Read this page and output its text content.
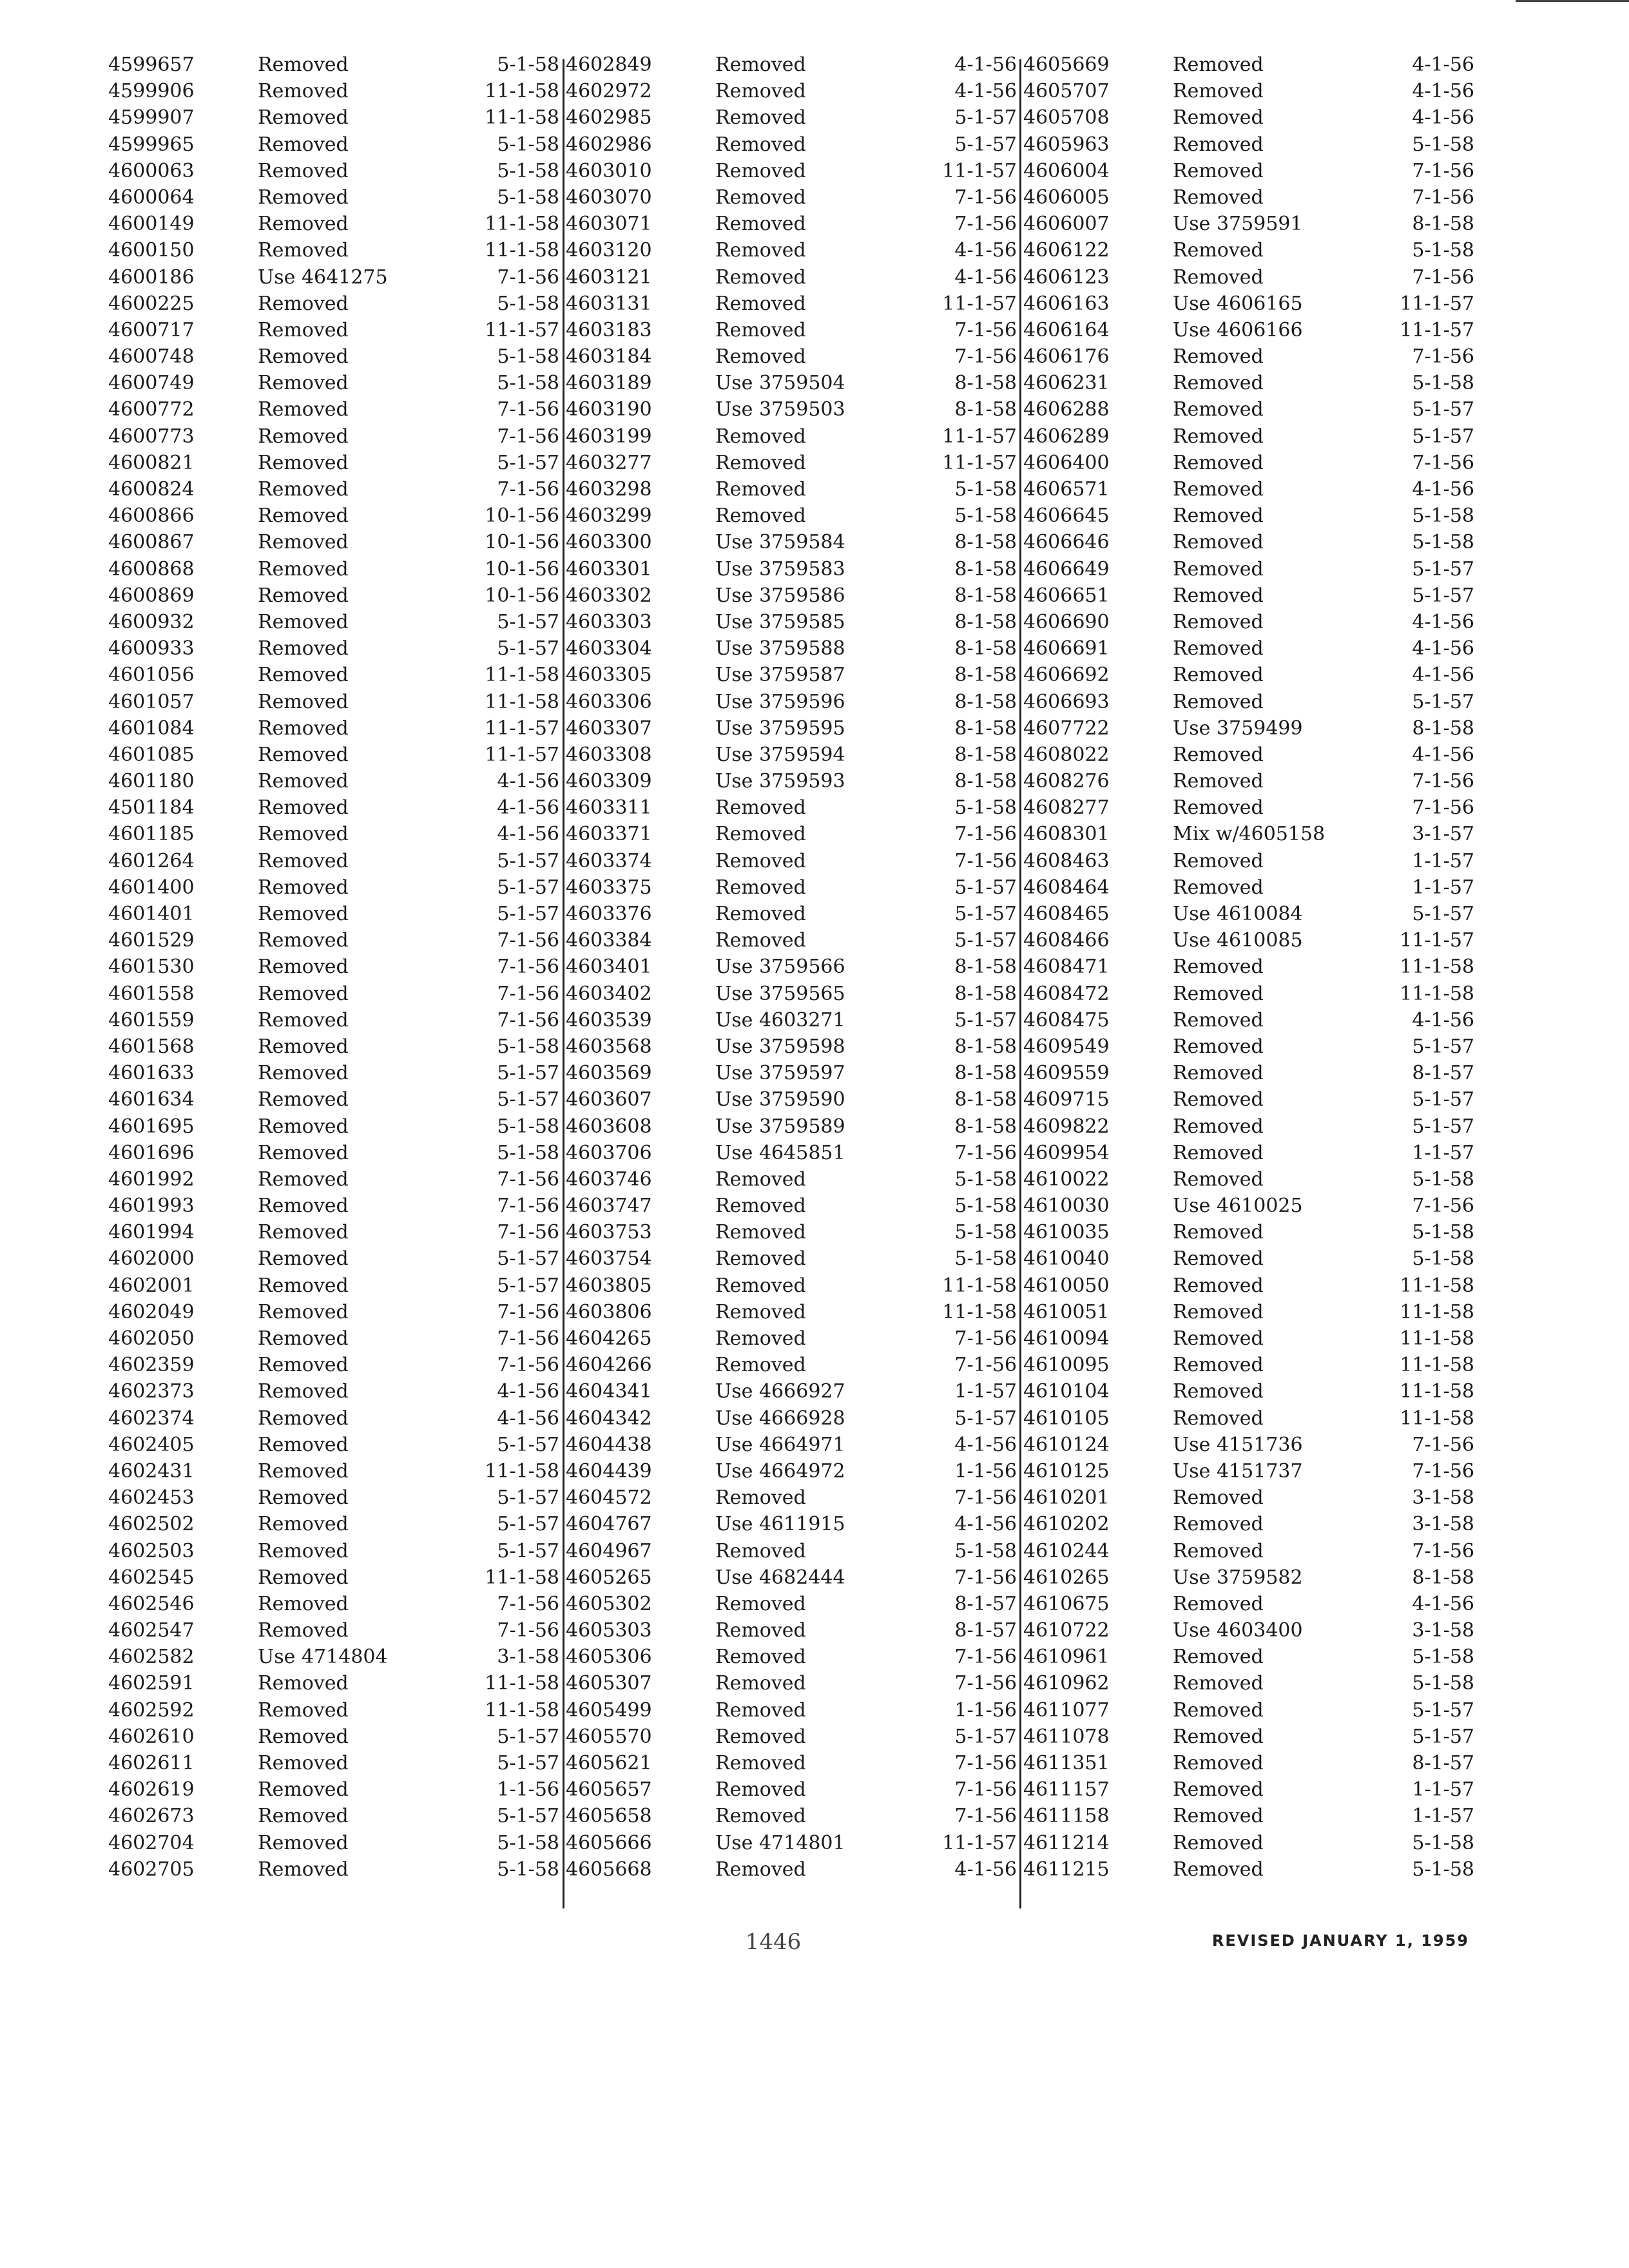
4599657	Removed	5-1-58
4599906	Removed	11-1-58
4599907	Removed	11-1-58
4599965	Removed	5-1-58
4600063	Removed	5-1-58
4600064	Removed	5-1-58
4600149	Removed	11-1-58
4600150	Removed	11-1-58
4600186	Use 4641275	7-1-56
4600225	Removed	5-1-58
4600717	Removed	11-1-57
4600748	Removed	5-1-58
4600749	Removed	5-1-58
4600772	Removed	7-1-56
4600773	Removed	7-1-56
4600821	Removed	5-1-57
4600824	Removed	7-1-56
4600866	Removed	10-1-56
4600867	Removed	10-1-56
4600868	Removed	10-1-56
4600869	Removed	10-1-56
4600932	Removed	5-1-57
4600933	Removed	5-1-57
4601056	Removed	11-1-58
4601057	Removed	11-1-58
4601084	Removed	11-1-57
4601085	Removed	11-1-57
4601180	Removed	4-1-56
4501184	Removed	4-1-56
4601185	Removed	4-1-56
4601264	Removed	5-1-57
4601400	Removed	5-1-57
4601401	Removed	5-1-57
4601529	Removed	7-1-56
4601530	Removed	7-1-56
4601558	Removed	7-1-56
4601559	Removed	7-1-56
4601568	Removed	5-1-58
4601633	Removed	5-1-57
4601634	Removed	5-1-57
4601695	Removed	5-1-58
4601696	Removed	5-1-58
4601992	Removed	7-1-56
4601993	Removed	7-1-56
4601994	Removed	7-1-56
4602000	Removed	5-1-57
4602001	Removed	5-1-57
4602049	Removed	7-1-56
4602050	Removed	7-1-56
4602359	Removed	7-1-56
4602373	Removed	4-1-56
4602374	Removed	4-1-56
4602405	Removed	5-1-57
4602431	Removed	11-1-58
4602453	Removed	5-1-57
4602502	Removed	5-1-57
4602503	Removed	5-1-57
4602545	Removed	11-1-58
4602546	Removed	7-1-56
4602547	Removed	7-1-56
4602582	Use 4714804	3-1-58
4602591	Removed	11-1-58
4602592	Removed	11-1-58
4602610	Removed	5-1-57
4602611	Removed	5-1-57
4602619	Removed	1-1-56
4602673	Removed	5-1-57
4602704	Removed	5-1-58
4602705	Removed	5-1-58
4602849	Removed	4-1-56
4602972	Removed	4-1-56
4602985	Removed	5-1-57
4602986	Removed	5-1-57
4603010	Removed	11-1-57
4603070	Removed	7-1-56
4603071	Removed	7-1-56
4603120	Removed	4-1-56
4603121	Removed	4-1-56
4603131	Removed	11-1-57
4603183	Removed	7-1-56
4603184	Removed	7-1-56
4603189	Use 3759504	8-1-58
4603190	Use 3759503	8-1-58
4603199	Removed	11-1-57
4603277	Removed	11-1-57
4603298	Removed	5-1-58
4603299	Removed	5-1-58
4603300	Use 3759584	8-1-58
4603301	Use 3759583	8-1-58
4603302	Use 3759586	8-1-58
4603303	Use 3759585	8-1-58
4603304	Use 3759588	8-1-58
4603305	Use 3759587	8-1-58
4603306	Use 3759596	8-1-58
4603307	Use 3759595	8-1-58
4603308	Use 3759594	8-1-58
4603309	Use 3759593	8-1-58
4603311	Removed	5-1-58
4603371	Removed	7-1-56
4603374	Removed	7-1-56
4603375	Removed	5-1-57
4603376	Removed	5-1-57
4603384	Removed	5-1-57
4603401	Use 3759566	8-1-58
4603402	Use 3759565	8-1-58
4603539	Use 4603271	5-1-57
4603568	Use 3759598	8-1-58
4603569	Use 3759597	8-1-58
4603607	Use 3759590	8-1-58
4603608	Use 3759589	8-1-58
4603706	Use 4645851	7-1-56
4603746	Removed	5-1-58
4603747	Removed	5-1-58
4603753	Removed	5-1-58
4603754	Removed	5-1-58
4603805	Removed	11-1-58
4603806	Removed	11-1-58
4604265	Removed	7-1-56
4604266	Removed	7-1-56
4604341	Use 4666927	1-1-57
4604342	Use 4666928	5-1-57
4604438	Use 4664971	4-1-56
4604439	Use 4664972	1-1-56
4604572	Removed	7-1-56
4604767	Use 4611915	4-1-56
4604967	Removed	5-1-58
4605265	Use 4682444	7-1-56
4605302	Removed	8-1-57
4605303	Removed	8-1-57
4605306	Removed	7-1-56
4605307	Removed	7-1-56
4605499	Removed	1-1-56
4605570	Removed	5-1-57
4605621	Removed	7-1-56
4605657	Removed	7-1-56
4605658	Removed	7-1-56
4605666	Use 4714801	11-1-57
4605668	Removed	4-1-56
4605669	Removed	4-1-56
4605707	Removed	4-1-56
4605708	Removed	4-1-56
4605963	Removed	5-1-58
4606004	Removed	7-1-56
4606005	Removed	7-1-56
4606007	Use 3759591	8-1-58
4606122	Removed	5-1-58
4606123	Removed	7-1-56
4606163	Use 4606165	11-1-57
4606164	Use 4606166	11-1-57
4606176	Removed	7-1-56
4606231	Removed	5-1-58
4606288	Removed	5-1-57
4606289	Removed	5-1-57
4606400	Removed	7-1-56
4606571	Removed	4-1-56
4606645	Removed	5-1-58
4606646	Removed	5-1-58
4606649	Removed	5-1-57
4606651	Removed	5-1-57
4606690	Removed	4-1-56
4606691	Removed	4-1-56
4606692	Removed	4-1-56
4606693	Removed	5-1-57
4607722	Use 3759499	8-1-58
4608022	Removed	4-1-56
4608276	Removed	7-1-56
4608277	Removed	7-1-56
4608301	Mix w/4605158	3-1-57
4608463	Removed	1-1-57
4608464	Removed	1-1-57
4608465	Use 4610084	5-1-57
4608466	Use 4610085	11-1-57
4608471	Removed	11-1-58
4608472	Removed	11-1-58
4608475	Removed	4-1-56
4609549	Removed	5-1-57
4609559	Removed	8-1-57
4609715	Removed	5-1-57
4609822	Removed	5-1-57
4609954	Removed	1-1-57
4610022	Removed	5-1-58
4610030	Use 4610025	7-1-56
4610035	Removed	5-1-58
4610040	Removed	5-1-58
4610050	Removed	11-1-58
4610051	Removed	11-1-58
4610094	Removed	11-1-58
4610095	Removed	11-1-58
4610104	Removed	11-1-58
4610105	Removed	11-1-58
4610124	Use 4151736	7-1-56
4610125	Use 4151737	7-1-56
4610201	Removed	3-1-58
4610202	Removed	3-1-58
4610244	Removed	7-1-56
4610265	Use 3759582	8-1-58
4610675	Removed	4-1-56
4610722	Use 4603400	3-1-58
4610961	Removed	5-1-58
4610962	Removed	5-1-58
4611077	Removed	5-1-57
4611078	Removed	5-1-57
4611351	Removed	8-1-57
4611157	Removed	1-1-57
4611158	Removed	1-1-57
4611214	Removed	5-1-58
4611215	Removed	5-1-58
1446	REVISED JANUARY 1, 1959
